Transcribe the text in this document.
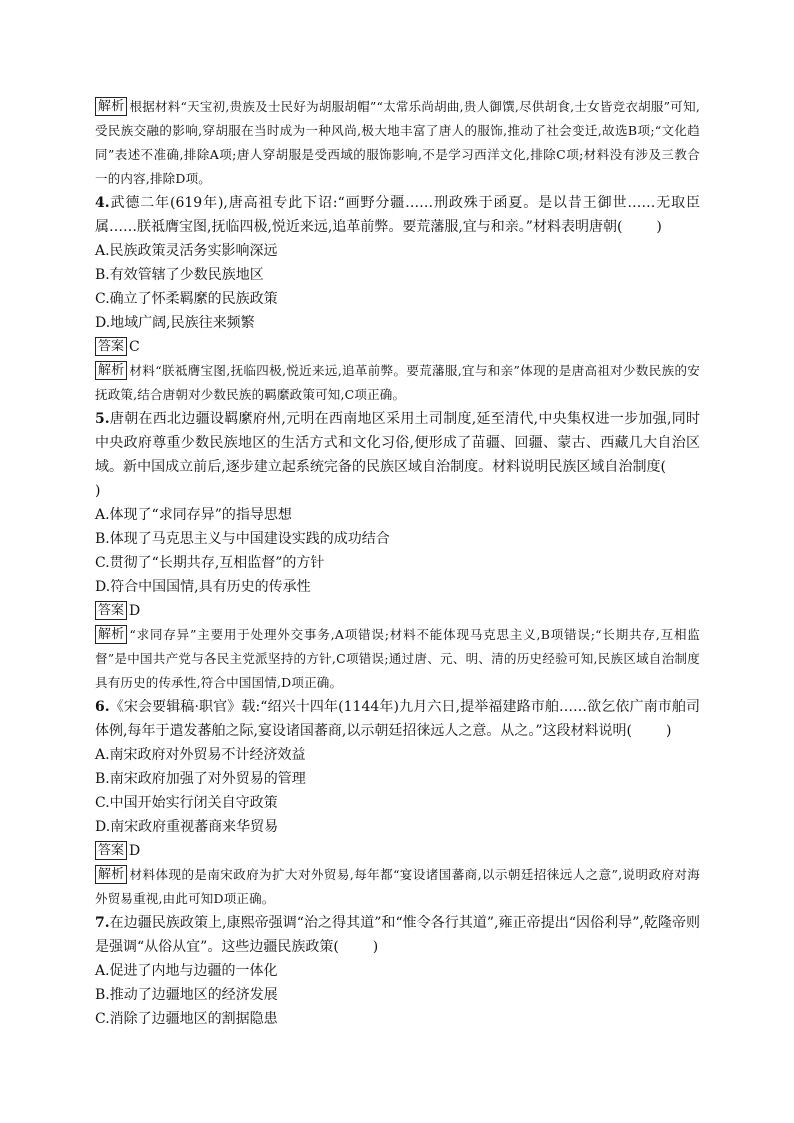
解析 根据材料“天宝初,贵族及士民好为胡服胡帽”“太常乐尚胡曲,贵人御馔,尽供胡食,士女皆竞衣胡服”可知,受民族交融的影响,穿胡服在当时成为一种风尚,极大地丰富了唐人的服饰,推动了社会变迁,故选B项;“文化趋同”表述不准确,排除A项;唐人穿胡服是受西域的服饰影响,不是学习西洋文化,排除C项;材料没有涉及三教合一的内容,排除D项。

4.武德二年(619年),唐高祖专此下诏:“画野分疆……刑政殊于函夏。是以昔王御世……无取臣属……朕祗膺宝图,抚临四极,悦近来远,追革前弊。要荒藩服,宜与和亲。”材料表明唐朝( )

A.民族政策灵活务实影响深远

B.有效管辖了少数民族地区

C.确立了怀柔羁縻的民族政策

D.地域广阔,民族往来频繁

答案 C

解析 材料“朕祗膺宝图,抚临四极,悦近来远,追革前弊。要荒藩服,宜与和亲”体现的是唐高祖对少数民族的安抚政策,结合唐朝对少数民族的羁縻政策可知,C项正确。

5.唐朝在西北边疆设羁縻府州,元明在西南地区采用土司制度,延至清代,中央集权进一步加强,同时中央政府尊重少数民族地区的生活方式和文化习俗,便形成了苗疆、回疆、蒙古、西藏几大自治区域。新中国成立前后,逐步建立起系统完备的民族区域自治制度。材料说明民族区域自治制度()

A.体现了“求同存异”的指导思想

B.体现了马克思主义与中国建设实践的成功结合

C.贯彻了“长期共存,互相监督”的方针

D.符合中国国情,具有历史的传承性

答案 D

解析 “求同存异”主要用于处理外交事务,A项错误;材料不能体现马克思主义,B项错误;“长期共存,互相监督”是中国共产党与各民主党派坚持的方针,C项错误;通过唐、元、明、清的历史经验可知,民族区域自治制度具有历史的传承性,符合中国国情,D项正确。

6.《宋会要辑稿·职官》载:“绍兴十四年(1144年)九月六日,提举福建路市舶……欲乞依广南市舶司体例,每年于遣发蕃舶之际,宴设诸国蕃商,以示朝廷招徕远人之意。从之。”这段材料说明( )

A.南宋政府对外贸易不计经济效益

B.南宋政府加强了对外贸易的管理

C.中国开始实行闭关自守政策

D.南宋政府重视蕃商来华贸易

答案 D

解析 材料体现的是南宋政府为扩大对外贸易,每年都“宴设诸国蕃商,以示朝廷招徕远人之意”,说明政府对海外贸易重视,由此可知D项正确。

7.在边疆民族政策上,康熙帝强调“治之得其道”和“惟令各行其道”,雍正帝提出“因俗利导”,乾隆帝则是强调“从俗从宜”。这些边疆民族政策( )

A.促进了内地与边疆的一体化

B.推动了边疆地区的经济发展

C.消除了边疆地区的割据隐患
